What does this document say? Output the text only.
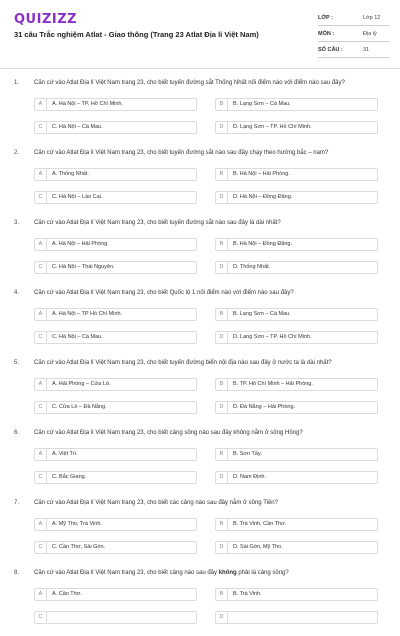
QUIZIZZ
31 câu Trắc nghiệm Atlat - Giao thông (Trang 23 Atlat Địa lí Việt Nam)
LỚP :	Lớp 12
MÔN :	Địa lý
SỐ CÂU :	31
1. Căn cứ vào Atlat Địa lí Việt Nam trang 23, cho biết tuyến đường sắt Thống Nhất nối điểm nào với điểm nào sau đây?
A	A. Hà Nội – TP. Hồ Chí Minh.	B	B. Lạng Sơn – Cà Mau.
C	C. Hà Nội – Cà Mau.	D	D. Lạng Sơn – TP. Hồ Chí Minh.
2. Căn cứ vào Atlat Địa lí Việt Nam trang 23, cho biết tuyến đường sắt nào sau đây chạy theo hướng bắc – nam?
A	A. Thống Nhất.	B	B. Hà Nội – Hải Phòng.
C	C. Hà Nội – Lào Cai.	D	D. Hà Nội – Đồng Đăng.
3. Căn cứ vào Atlat Địa lí Việt Nam trang 23, cho biết tuyến đường sắt nào sau đây là dài nhất?
A	A. Hà Nội – Hải Phòng.	B	B. Hà Nội – Đồng Đăng.
C	C. Hà Nội – Thái Nguyên.	D	D. Thống Nhất.
4. Căn cứ vào Atlat Địa lí Việt Nam trang 23, cho biết Quốc lộ 1 nối điểm nào với điểm nào sau đây?
A	A. Hà Nội – TP Hồ Chí Minh.	B	B. Lạng Sơn – Cà Mau.
C	C. Hà Nội – Cà Mau.	D	D. Lạng Sơn – TP. Hồ Chí Minh.
5. Căn cứ vào Atlat Địa lí Việt Nam trang 23, cho biết tuyến đường biển nội địa nào sau đây ở nước ta là dài nhất?
A	A. Hải Phòng – Cửa Lò.	B	B. TP. Hồ Chí Minh – Hải Phòng.
C	C. Cửa Lò – Đà Nẵng.	D	D. Đà Nẵng – Hải Phòng.
6. Căn cứ vào Atlat Địa lí Việt Nam trang 23, cho biết cảng sông nào sau đây không nằm ở sông Hồng?
A	A. Việt Trì.	B	B. Sơn Tây.
C	C. Bắc Giang.	D	D. Nam Định.
7. Căn cứ vào Atlat Địa lí Việt Nam trang 23, cho biết các cảng nào sau đây nằm ở sông Tiền?
A	A. Mỹ Tho, Trà Vinh.	B	B. Trà Vinh, Cần Thơ.
C	C. Cần Thơ, Sài Gòn.	D	D. Sài Gòn, Mỹ Tho.
8. Căn cứ vào Atlat Địa lí Việt Nam trang 23, cho biết cảng nào sau đây không phải là cảng sông?
A	A. Cần Thơ.	B	B. Trà Vinh.
C	D
